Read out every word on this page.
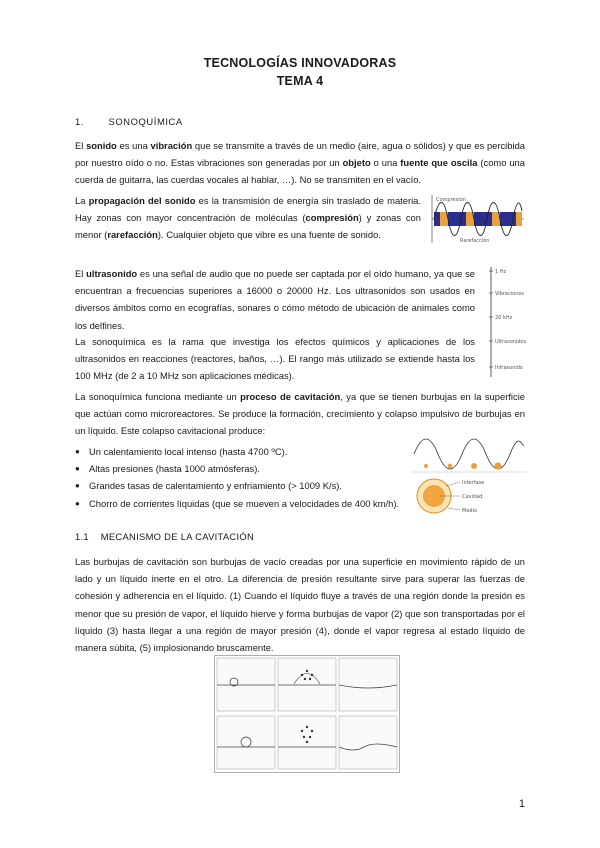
TECNOLOGÍAS INNOVADORAS
TEMA 4
1.	SONOQUÍMICA
El sonido es una vibración que se transmite a través de un medio (aire, agua o sólidos) y que es percibida por nuestro oído o no. Estas vibraciones son generadas por un objeto o una fuente que oscila (como una cuerda de guitarra, las cuerdas vocales al hablar, …). No se transmiten en el vacío.
La propagación del sonido es la transmisión de energía sin traslado de materia. Hay zonas con mayor concentración de moléculas (compresión) y zonas con menor (rarefacción). Cualquier objeto que vibre es una fuente de sonido.
Compresión
Rarefacción
El ultrasonido es una señal de audio que no puede ser captada por el oído humano, ya que se encuentran a frecuencias superiores a 16000 o 20000 Hz. Los ultrasonidos son usados en diversos ámbitos como en ecografías, sonares o cómo método de ubicación de animales como los delfines.
1 Hz
Vibraciones
20 kHz
Ultrasonidos
Infrasonido
La sonoquímica es la rama que investiga los efectos químicos y aplicaciones de los ultrasonidos en reacciones (reactores, baños, …). El rango más utilizado se extiende hasta los 100 MHz (de 2 a 10 MHz son aplicaciones médicas).
La sonoquímica funciona mediante un proceso de cavitación, ya que se tienen burbujas en la superficie que actúan como microreactores. Se produce la formación, crecimiento y colapso impulsivo de burbujas en un líquido. Este colapso cavitacional produce:
● Un calentamiento local intenso (hasta 4700 ºC).
● Altas presiones (hasta 1000 atmósferas).
● Grandes tasas de calentamiento y enfriamiento (> 1009 K/s).
● Chorro de corrientes líquidas (que se mueven a velocidades de 400 km/h).
Interfase
Cavidad
Medio
1.1 MECANISMO DE LA CAVITACIÓN
Las burbujas de cavitación son burbujas de vacío creadas por una superficie en movimiento rápido de un lado y un líquido inerte en el otro. La diferencia de presión resultante sirve para superar las fuerzas de cohesión y adherencia en el líquido. (1) Cuando el líquido fluye a través de una región donde la presión es menor que su presión de vapor, el líquido hierve y forma burbujas de vapor (2) que son transportadas por el líquido (3) hasta llegar a una región de mayor presión (4), donde el vapor regresa al estado líquido de manera súbita, (5) implosionando bruscamente.
1
